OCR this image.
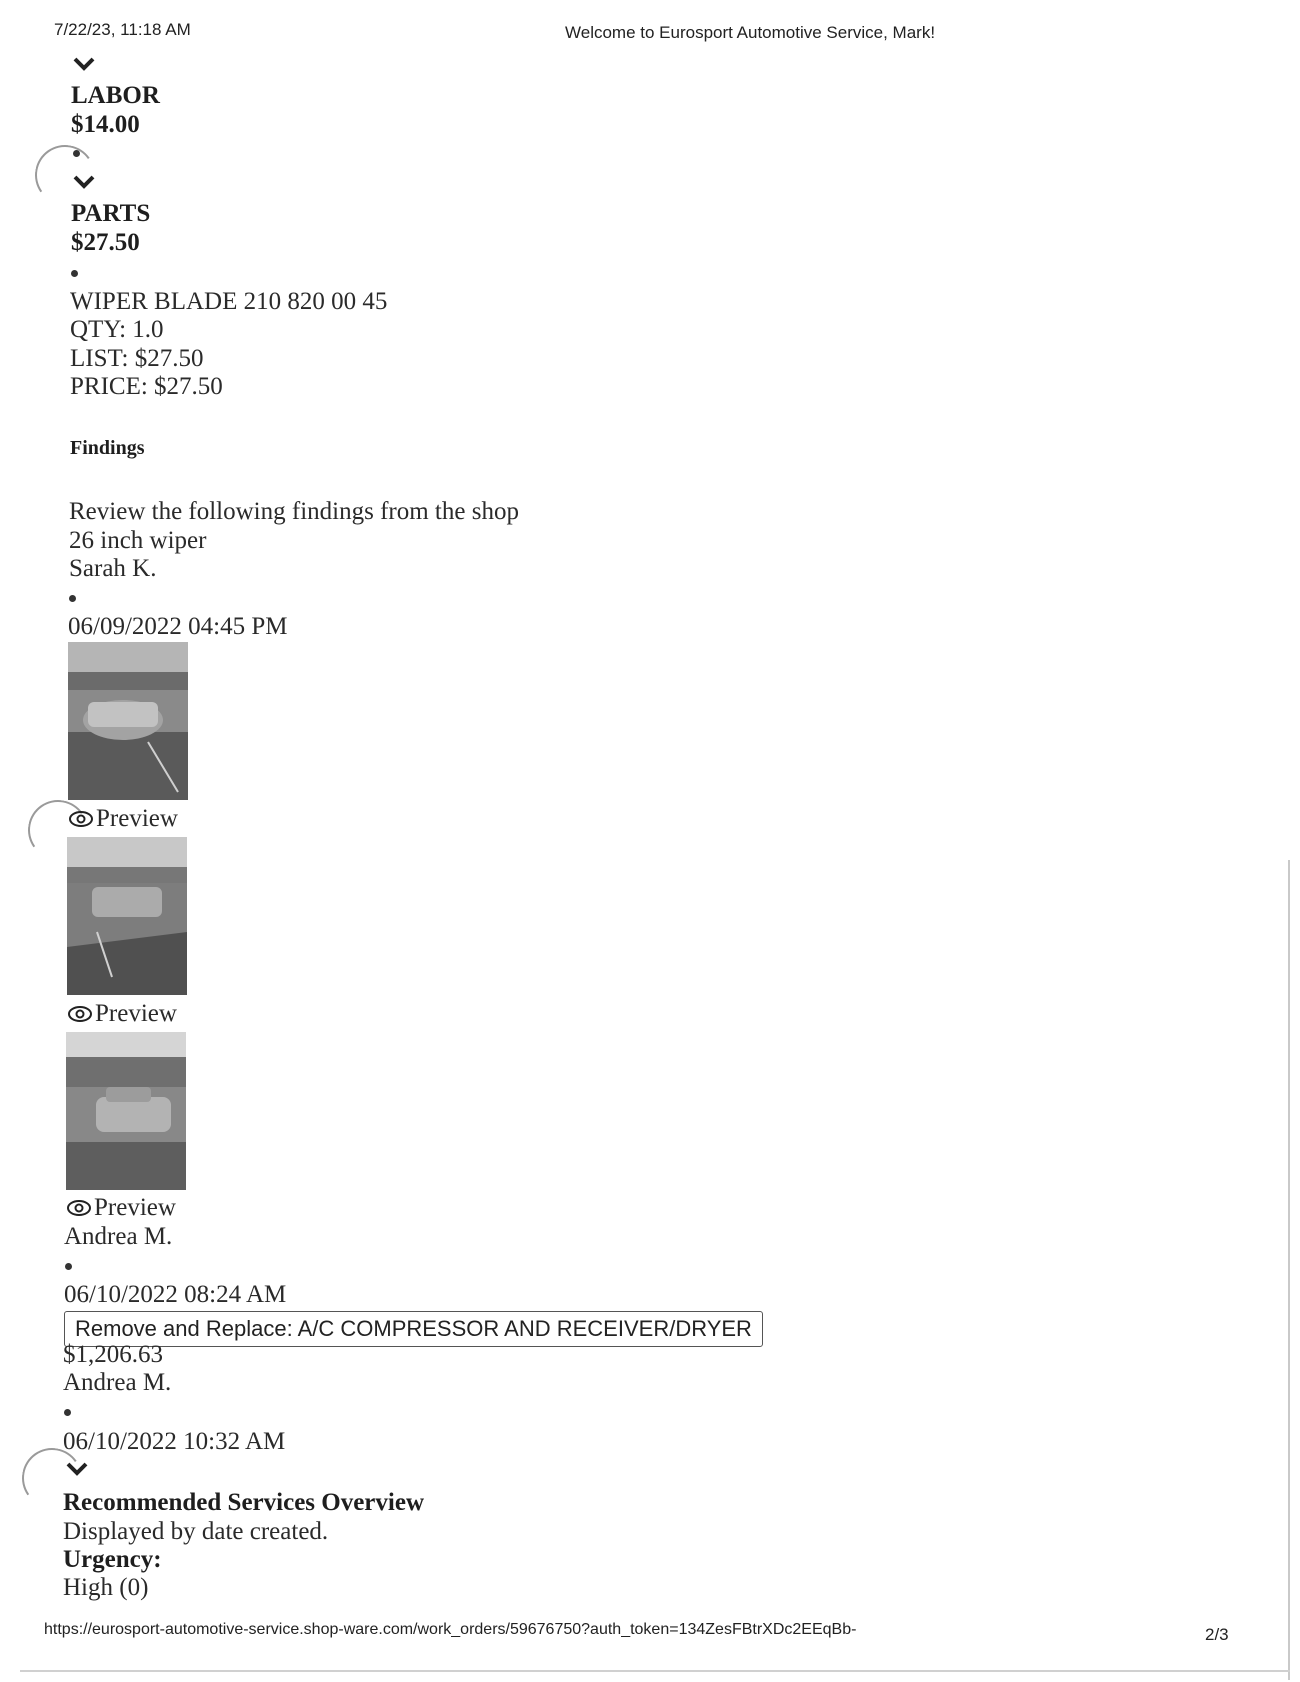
7/22/23, 11:18 AM	Welcome to Eurosport Automotive Service, Mark!
LABOR
$14.00
PARTS
$27.50
WIPER BLADE 210 820 00 45
QTY: 1.0
LIST: $27.50
PRICE: $27.50
Findings
Review the following findings from the shop
26 inch wiper
Sarah K.
06/09/2022 04:45 PM
Preview
Preview
Preview
Andrea M.
06/10/2022 08:24 AM
Remove and Replace: A/C COMPRESSOR AND RECEIVER/DRYER
$1,206.63
Andrea M.
06/10/2022 10:32 AM
Recommended Services Overview
Displayed by date created.
Urgency:
High (0)
https://eurosport-automotive-service.shop-ware.com/work_orders/59676750?auth_token=134ZesFBtrXDc2EEqBb-	2/3
